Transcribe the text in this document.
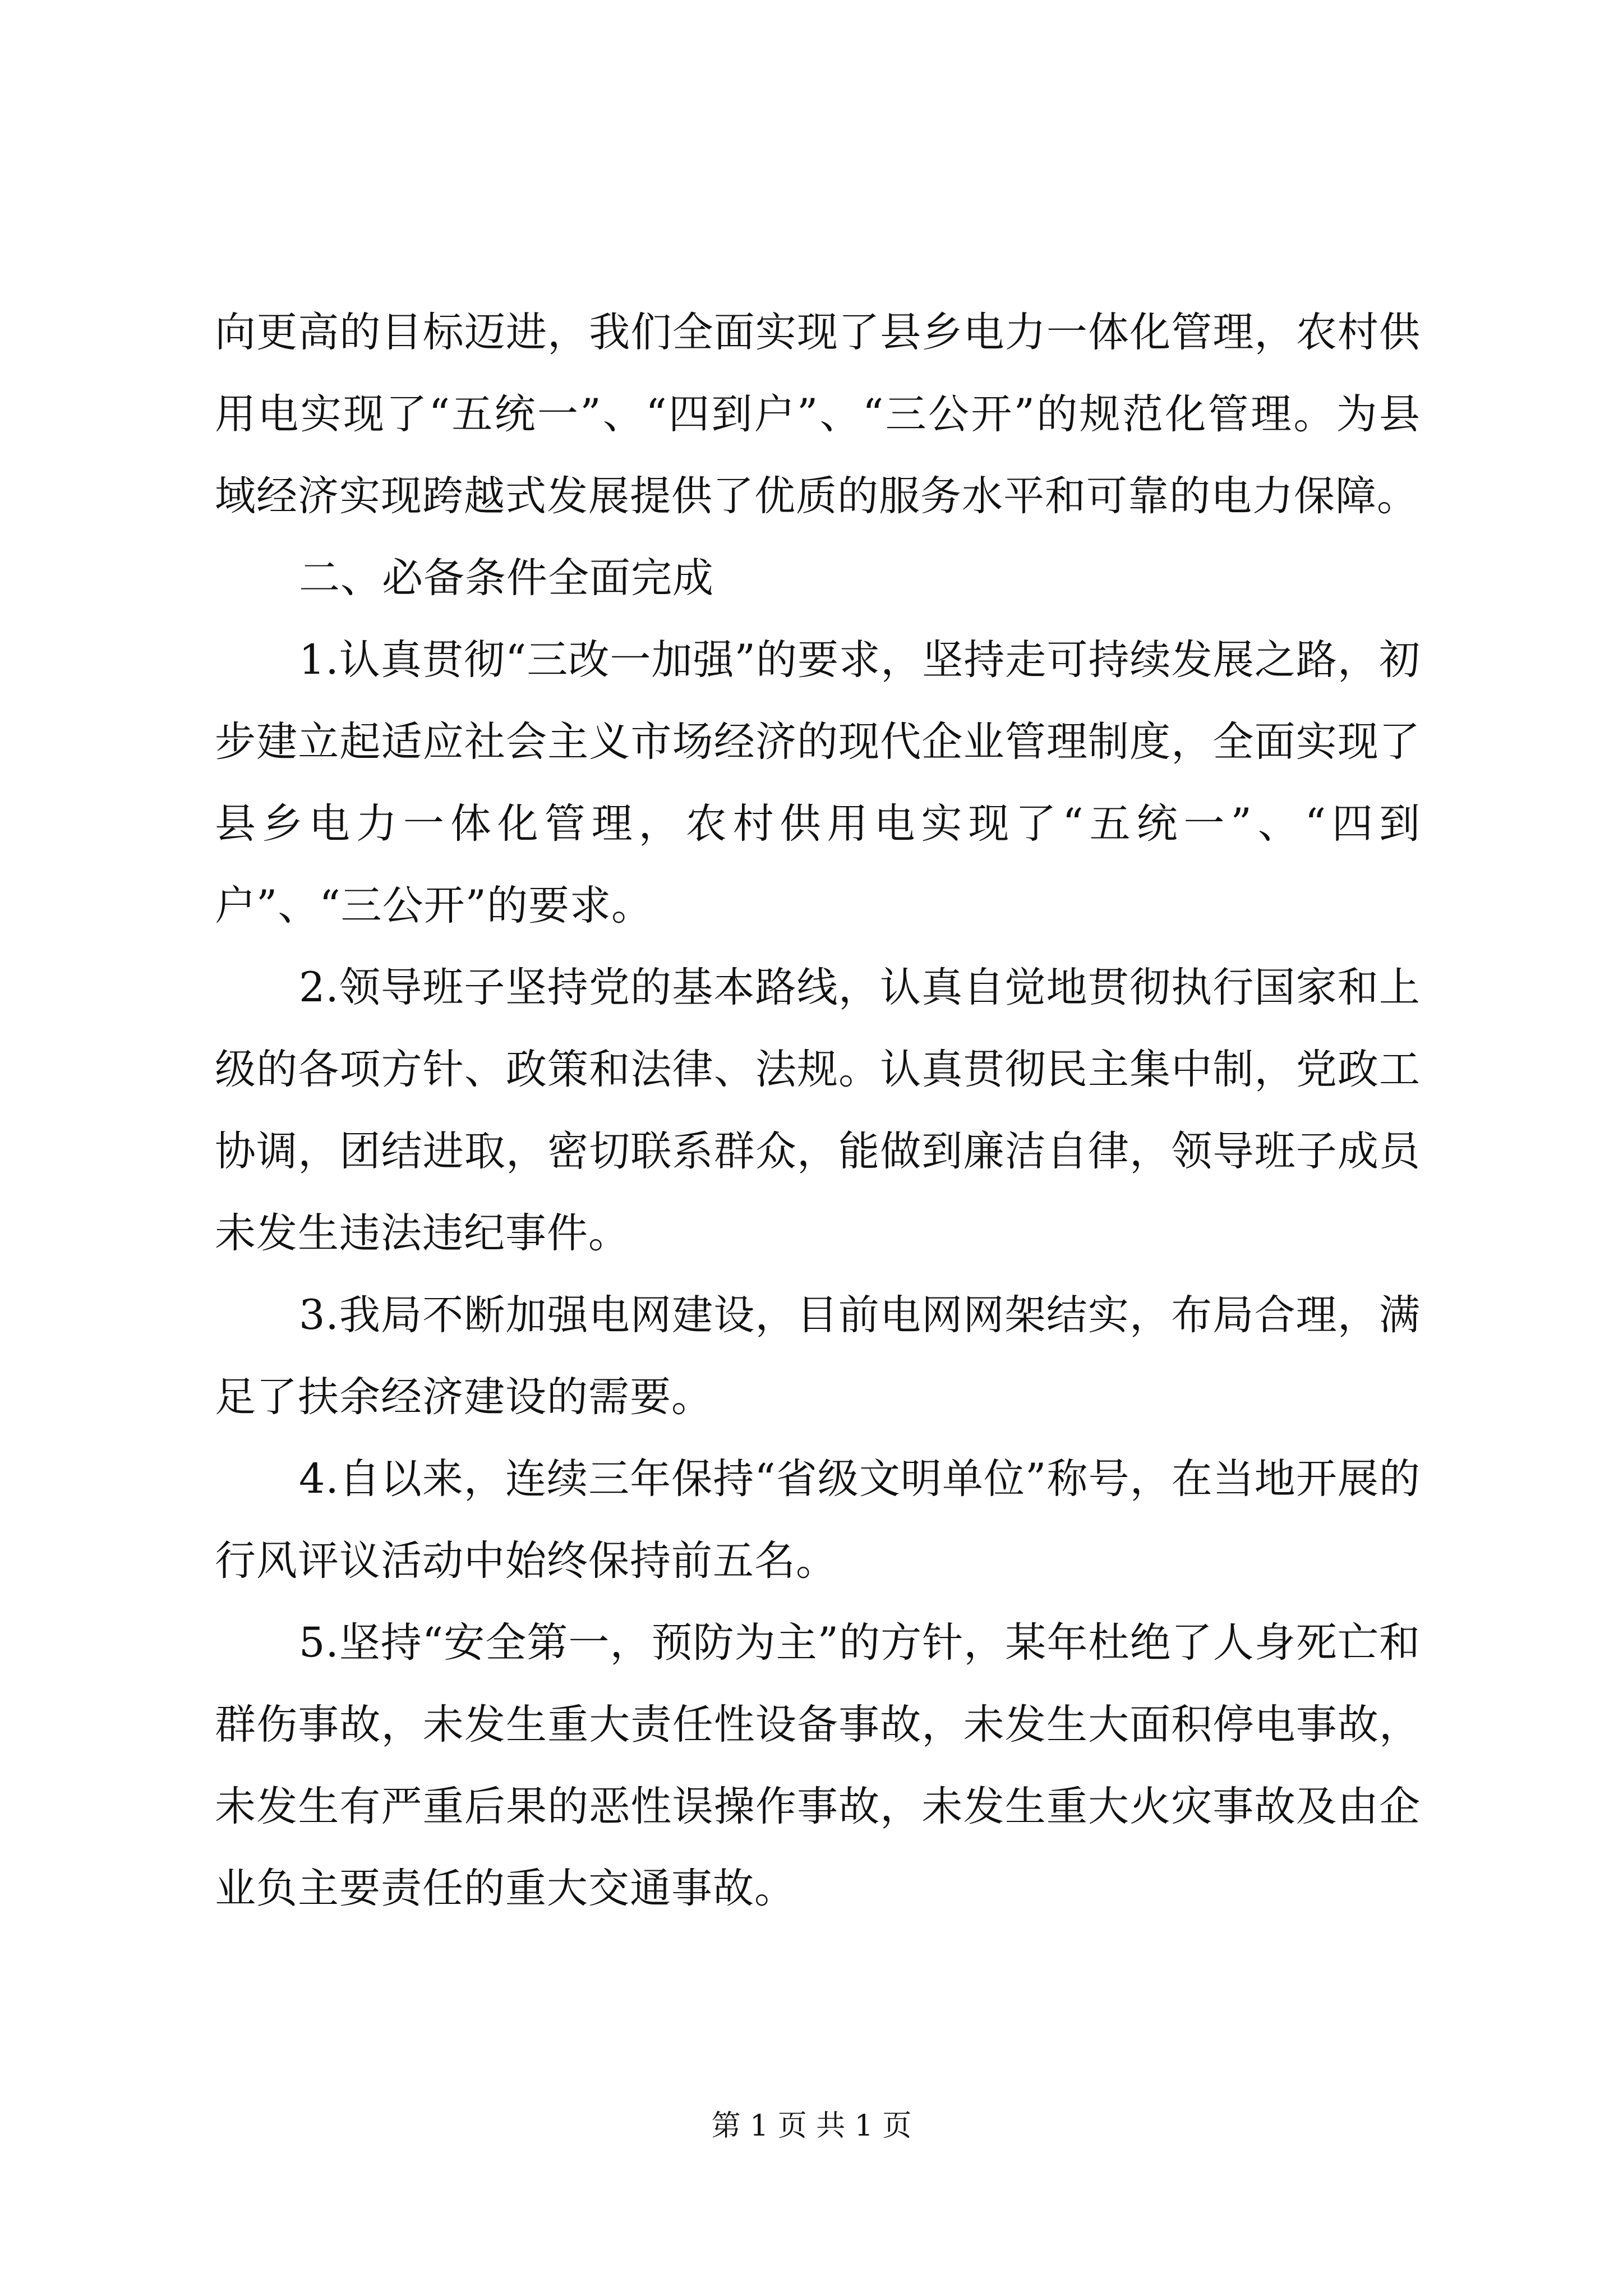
向更高的目标迈进，我们全面实现了县乡电力一体化管理，农村供用电实现了“五统一”、“四到户”、“三公开”的规范化管理。为县域经济实现跨越式发展提供了优质的服务水平和可靠的电力保障。

二、必备条件全面完成

1.认真贯彻“三改一加强”的要求，坚持走可持续发展之路，初步建立起适应社会主义市场经济的现代企业管理制度，全面实现了县乡电力一体化管理，农村供用电实现了“五统一”、“四到户”、“三公开”的要求。

2.领导班子坚持党的基本路线，认真自觉地贯彻执行国家和上级的各项方针、政策和法律、法规。认真贯彻民主集中制，党政工协调，团结进取，密切联系群众，能做到廉洁自律，领导班子成员未发生违法违纪事件。

3.我局不断加强电网建设，目前电网网架结实，布局合理，满足了扶余经济建设的需要。

4.自以来，连续三年保持“省级文明单位”称号，在当地开展的行风评议活动中始终保持前五名。

5.坚持“安全第一，预防为主”的方针，某年杜绝了人身死亡和群伤事故，未发生重大责任性设备事故，未发生大面积停电事故，未发生有严重后果的恶性误操作事故，未发生重大火灾事故及由企业负主要责任的重大交通事故。

第 1 页 共 1 页
